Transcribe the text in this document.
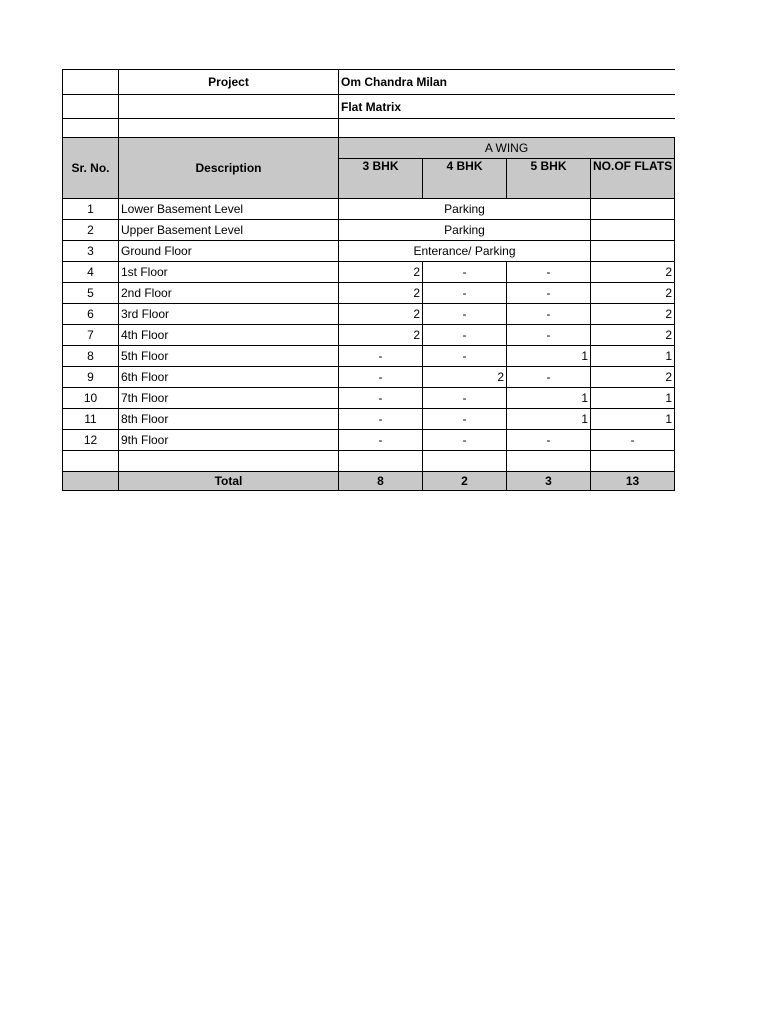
	Project	Om Chandra Milan			
		Flat Matrix			

Sr. No.	Description	A WING			
		3 BHK	4 BHK	5 BHK	NO.OF FLATS
1	Lower Basement Level	Parking			
2	Upper Basement Level	Parking			
3	Ground Floor	Enterance/ Parking			
4	1st Floor	2	-	-	2
5	2nd Floor	2	-	-	2
6	3rd Floor	2	-	-	2
7	4th Floor	2	-	-	2
8	5th Floor	-	-	1	1
9	6th Floor	-	2	-	2
10	7th Floor	-	-	1	1
11	8th Floor	-	-	1	1
12	9th Floor	-	-	-	-

	Total	8	2	3	13
